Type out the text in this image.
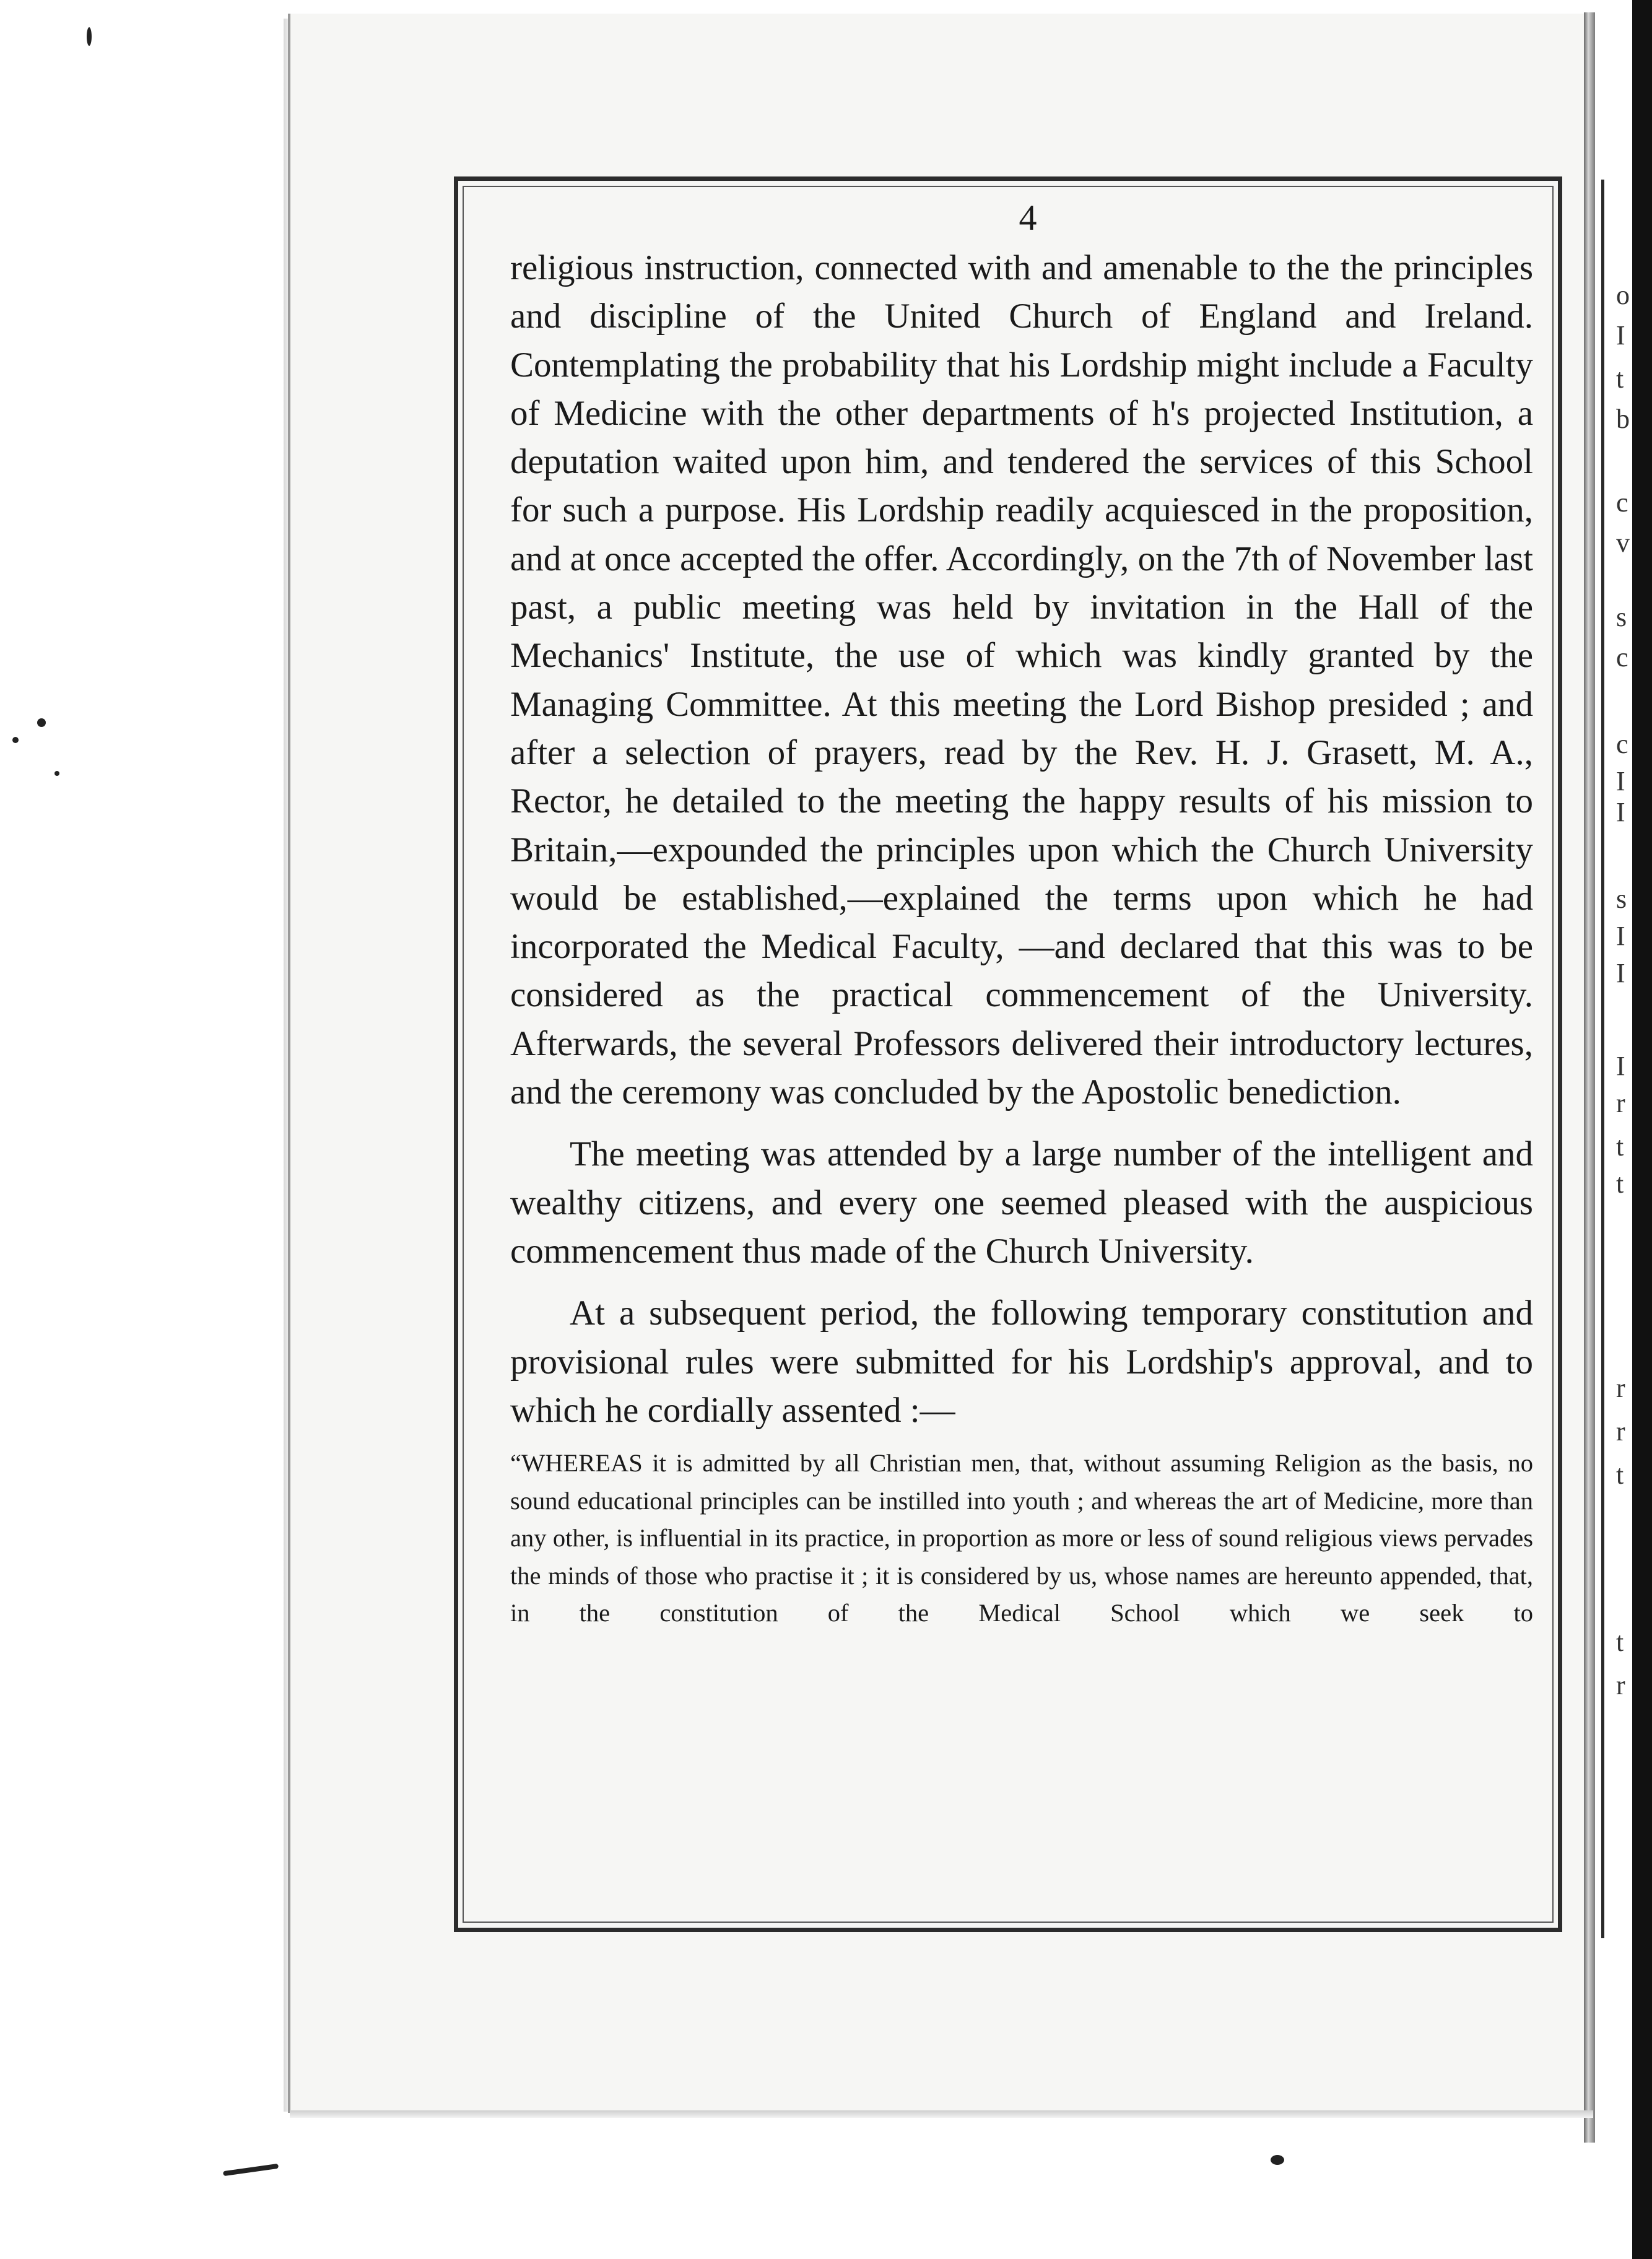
o
I
t
b
c
v
s
c
c
I
I
s
I
I
I
r
t
t
r
r
t
t
r
4

religious instruction, connected with and amenable to the the principles and discipline of the United Church of England and Ireland. Contemplating the probability that his Lordship might include a Faculty of Medicine with the other departments of h's projected Institution, a deputation waited upon him, and tendered the services of this School for such a purpose. His Lordship readily acquiesced in the proposition, and at once accepted the offer. Accordingly, on the 7th of November last past, a public meeting was held by invitation in the Hall of the Mechanics' Institute, the use of which was kindly granted by the Managing Committee. At this meeting the Lord Bishop presided ; and after a selection of prayers, read by the Rev. H. J. Grasett, M. A., Rector, he detailed to the meeting the happy results of his mission to Britain,—expounded the principles upon which the Church University would be established,—explained the terms upon which he had incorporated the Medical Faculty, —and declared that this was to be considered as the practical commencement of the University. Afterwards, the several Professors delivered their introductory lectures, and the ceremony was concluded by the Apostolic benediction.

The meeting was attended by a large number of the intelligent and wealthy citizens, and every one seemed pleased with the auspicious commencement thus made of the Church University.

At a subsequent period, the following temporary constitution and provisional rules were submitted for his Lordship's approval, and to which he cordially assented :—

“WHEREAS it is admitted by all Christian men, that, without assuming Religion as the basis, no sound educational principles can be instilled into youth ; and whereas the art of Medicine, more than any other, is influential in its practice, in proportion as more or less of sound religious views pervades the minds of those who practise it ; it is considered by us, whose names are hereunto appended, that, in the constitution of the Medical School which we seek to
